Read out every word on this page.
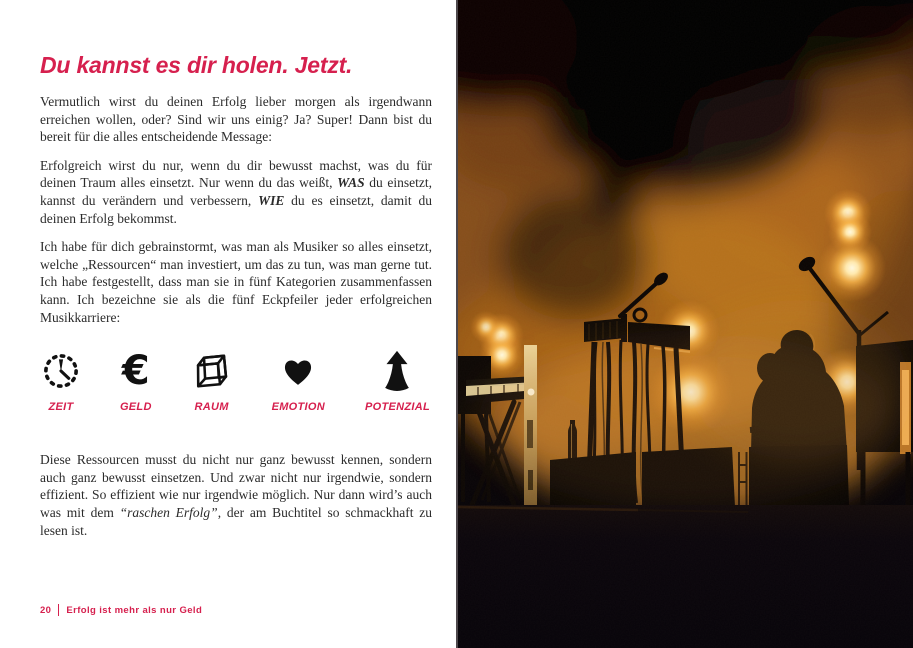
Du kannst es dir holen. Jetzt.

Vermutlich wirst du deinen Erfolg lieber morgen als irgendwann erreichen wollen, oder? Sind wir uns einig? Ja? Super! Dann bist du bereit für die alles entscheidende Message:

Erfolgreich wirst du nur, wenn du dir bewusst machst, was du für deinen Traum alles einsetzt. Nur wenn du das weißt, WAS du einsetzt, kannst du verändern und verbessern, WIE du es einsetzt, damit du deinen Erfolg bekommst.

Ich habe für dich gebrainstormt, was man als Musiker so alles einsetzt, welche „Ressourcen“ man investiert, um das zu tun, was man gerne tut. Ich habe festgestellt, dass man sie in fünf Kategorien zusammenfassen kann. Ich bezeichne sie als die fünf Eckpfeiler jeder erfolgreichen Musikkarriere:

ZEIT
€
GELD	RAUM	EMOTION	POTENZIAL

Diese Ressourcen musst du nicht nur ganz bewusst kennen, sondern auch ganz bewusst einsetzen. Und zwar nicht nur irgendwie, sondern effizient. So effizient wie nur irgendwie möglich. Nur dann wird’s auch was mit dem “raschen Erfolg”, der am Buchtitel so schmackhaft zu lesen ist.

20 Erfolg ist mehr als nur Geld
